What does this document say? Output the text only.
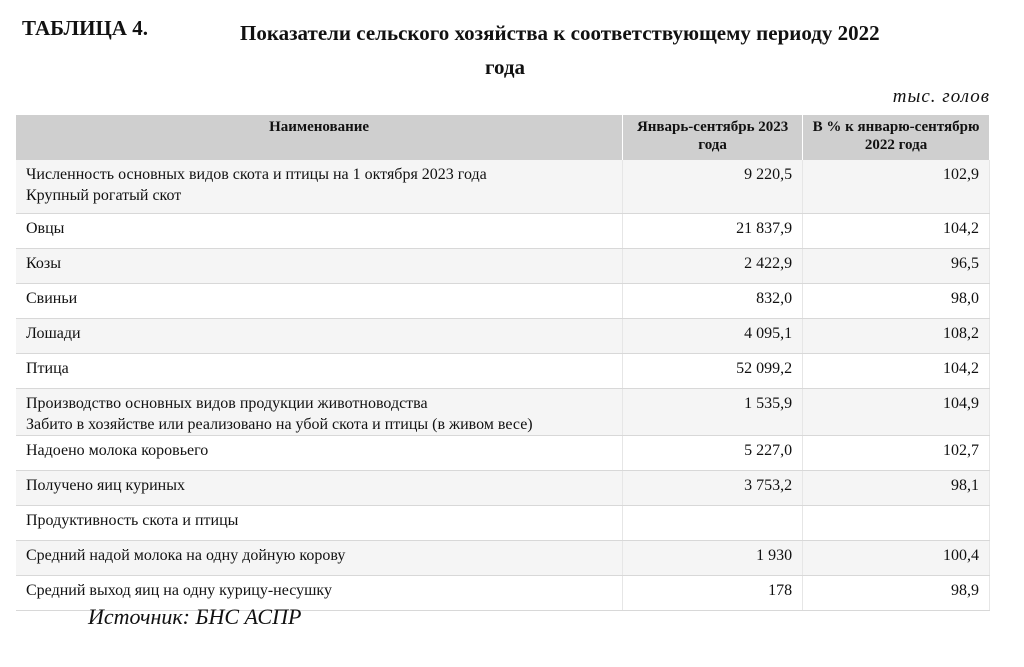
ТАБЛИЦА 4.	Показатели сельского хозяйства к соответствующему периоду 2022
года
тыс. голов
Наименование	Январь-сентябрь 2023 года	В % к январю-сентябрю 2022 года

Численность основных видов скота и птицы на 1 октября 2023 года
Крупный рогатый скот	9 220,5	102,9
Овцы	21 837,9	104,2
Козы	2 422,9	96,5
Свиньи	832,0	98,0
Лошади	4 095,1	108,2
Птица	52 099,2	104,2

Производство основных видов продукции животноводства
Забито в хозяйстве или реализовано на убой скота и птицы (в живом весе)	1 535,9	104,9
Надоено молока коровьего	5 227,0	102,7
Получено яиц куриных	3 753,2	98,1
Продуктивность скота и птицы		
Средний надой молока на одну дойную корову	1 930	100,4
Средний выход яиц на одну курицу-несушку	178	98,9
Источник: БНС АСПР
